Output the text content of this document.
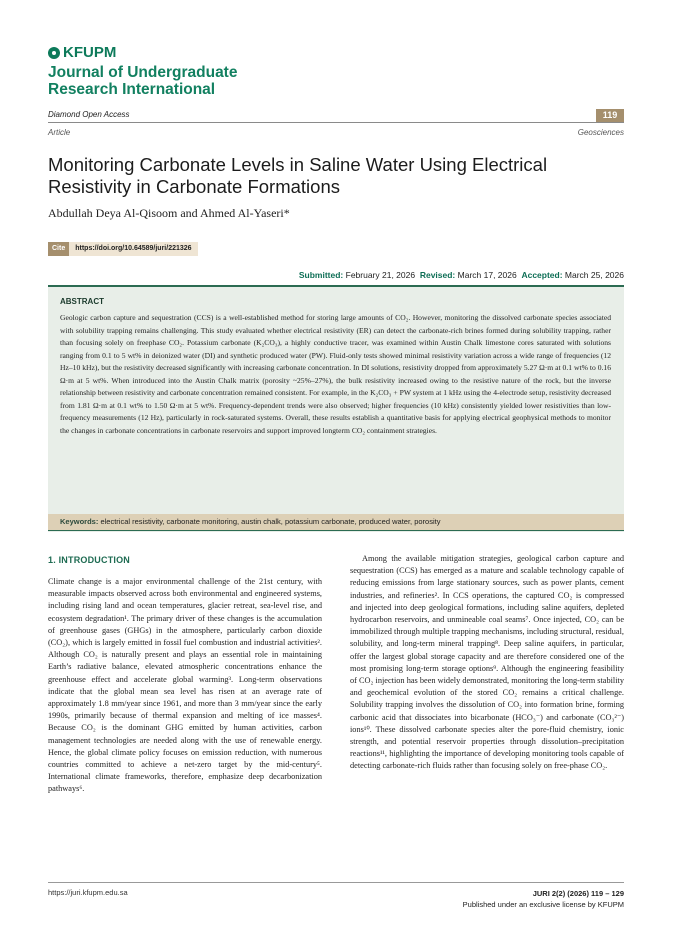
KFUPM
Journal of Undergraduate Research International
Diamond Open Access	119
Article	Geosciences
Monitoring Carbonate Levels in Saline Water Using Electrical Resistivity in Carbonate Formations
Abdullah Deya Al-Qisoom and Ahmed Al-Yaseri*
Cite	https://doi.org/10.64589/juri/221326
Submitted: February 21, 2026 Revised: March 17, 2026 Accepted: March 25, 2026
ABSTRACT
Geologic carbon capture and sequestration (CCS) is a well-established method for storing large amounts of CO₂. However, monitoring the dissolved carbonate species associated with solubility trapping remains challenging. This study evaluated whether electrical resistivity (ER) can detect the carbonate-rich brines formed during solubility trapping, rather than focusing solely on freephase CO₂. Potassium carbonate (K₂CO₃), a highly conductive tracer, was examined within Austin Chalk limestone cores saturated with solutions ranging from 0.1 to 5 wt% in deionized water (DI) and synthetic produced water (PW). Fluid-only tests showed minimal resistivity variation across a wide range of frequencies (12 Hz–10 kHz), but the resistivity decreased significantly with increasing carbonate concentration. In DI solutions, resistivity dropped from approximately 5.27 Ω·m at 0.1 wt% to 0.16 Ω·m at 5 wt%. When introduced into the Austin Chalk matrix (porosity ~25%–27%), the bulk resistivity increased owing to the resistive nature of the rock, but the inverse relationship between resistivity and carbonate concentration remained consistent. For example, in the K₂CO₃ + PW system at 1 kHz using the 4-electrode setup, resistivity decreased from 1.81 Ω·m at 0.1 wt% to 1.50 Ω·m at 5 wt%. Frequency-dependent trends were also observed; higher frequencies (10 kHz) consistently yielded lower resistivities than low-frequency measurements (12 Hz), particularly in rock-saturated systems. Overall, these results establish a quantitative basis for applying electrical geophysical methods to monitor the changes in carbonate concentrations in carbonate reservoirs and support improved longterm CO₂ containment strategies.
Keywords: electrical resistivity, carbonate monitoring, austin chalk, potassium carbonate, produced water, porosity
1. INTRODUCTION

Climate change is a major environmental challenge of the 21st century, with measurable impacts observed across both environmental and engineered systems, including rising land and ocean temperatures, glacier retreat, sea-level rise, and ecosystem degradation¹. The primary driver of these changes is the accumulation of greenhouse gases (GHGs) in the atmosphere, particularly carbon dioxide (CO₂), which is largely emitted in fossil fuel combustion and industrial activities². Although CO₂ is naturally present and plays an essential role in maintaining Earth’s radiative balance, elevated atmospheric concentrations enhance the greenhouse effect and accelerate global warming³. Long-term observations indicate that the global mean sea level has risen at an average rate of approximately 1.8 mm/year since 1961, and more than 3 mm/year since the early 1990s, primarily because of thermal expansion and melting of ice masses⁴. Because CO₂ is the dominant GHG emitted by human activities, carbon management technologies are needed along with the use of renewable energy. Hence, the global climate policy focuses on emission reduction, with numerous countries committed to achieve a net-zero target by the mid-century⁵. International climate frameworks, therefore, emphasize deep decarbonization pathways⁶.

Among the available mitigation strategies, geological carbon capture and sequestration (CCS) has emerged as a mature and scalable technology capable of reducing emissions from large stationary sources, such as power plants, cement industries, and refineries². In CCS operations, the captured CO₂ is compressed and injected into deep geological formations, including saline aquifers, depleted hydrocarbon reservoirs, and unmineable coal seams⁷. Once injected, CO₂ can be immobilized through multiple trapping mechanisms, including structural, residual, solubility, and long-term mineral trapping⁸. Deep saline aquifers, in particular, offer the largest global storage capacity and are therefore considered one of the most promising long-term storage options⁹. Although the engineering feasibility of CO₂ injection has been widely demonstrated, monitoring the long-term stability and geochemical evolution of the stored CO₂ remains a critical challenge. Solubility trapping involves the dissolution of CO₂ into formation brine, forming carbonic acid that dissociates into bicarbonate (HCO₃⁻) and carbonate (CO₃²⁻) ions¹⁰. These dissolved carbonate species alter the pore-fluid chemistry, ionic strength, and potential reservoir properties through dissolution–precipitation reactions¹¹, highlighting the importance of developing monitoring tools capable of detecting carbonate-rich fluids rather than focusing solely on free-phase CO₂.

https://juri.kfupm.edu.sa	JURI 2(2) (2026) 119 – 129
Published under an exclusive license by KFUPM
